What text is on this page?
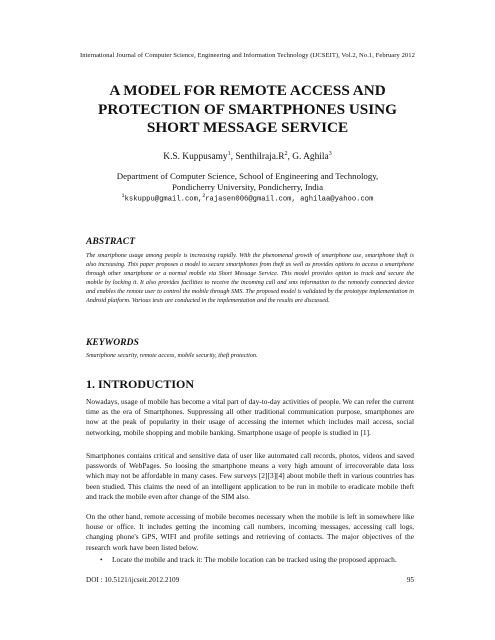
International Journal of Computer Science, Engineering and Information Technology (IJCSEIT), Vol.2, No.1, February 2012
A MODEL FOR REMOTE ACCESS AND
PROTECTION OF SMARTPHONES USING
SHORT MESSAGE SERVICE
K.S. Kuppusamy$^1$, $Senthilraja.R^2$, G. Aghila$^3$
Department of Computer Science, School of Engineering and Technology,
Pondicherry University, Pondicherry, India
$^1$kskuppu@gmail.com,$^2$rajasen006@gmail.com, aghilaa@yahoo.com
ABSTRACT
The smartphone usage among people is increasing rapidly. With the phenomenal growth of smartphone use, smartphone theft is also increasing. This paper proposes a model to secure smartphones from theft as well as provides options to access a smartphone through other smartphone or a normal mobile via Short Message Service. This model provides option to track and secure the mobile by locking it. It also provides facilities to receive the incoming call and sms information to the remotely connected device and enables the remote user to control the mobile through SMS. The proposed model is validated by the prototype implementation in Android platform. Various tests are conducted in the implementation and the results are discussed.
KEYWORDS
Smartphone security, remote access, mobile security, theft protection.
1. INTRODUCTION
Nowadays, usage of mobile has become a vital part of day-to-day activities of people. We can refer the current time as the era of Smartphones. Suppressing all other traditional communication purpose, smartphones are now at the peak of popularity in their usage of accessing the internet which includes mail access, social networking, mobile shopping and mobile banking. Smartphone usage of people is studied in [1].
Smartphones contains critical and sensitive data of user like automated call records, photos, videos and saved passwords of WebPages. So loosing the smartphone means a very high amount of irrecoverable data loss which may not be affordable in many cases. Few surveys [2][3][4] about mobile theft in various countries has been studied. This claims the need of an intelligent application to be run in mobile to eradicate mobile theft and track the mobile even after change of the SIM also.
On the other hand, remote accessing of mobile becomes necessary when the mobile is left in somewhere like house or office. It includes getting the incoming call numbers, incoming messages, accessing call logs, changing phone's GPS, WIFI and profile settings and retrieving of contacts. The major objectives of the research work have been listed below.
•	Locate the mobile and track it: The mobile location can be tracked using the proposed approach.
DOI : 10.5121/ijcseit.2012.2109	95
